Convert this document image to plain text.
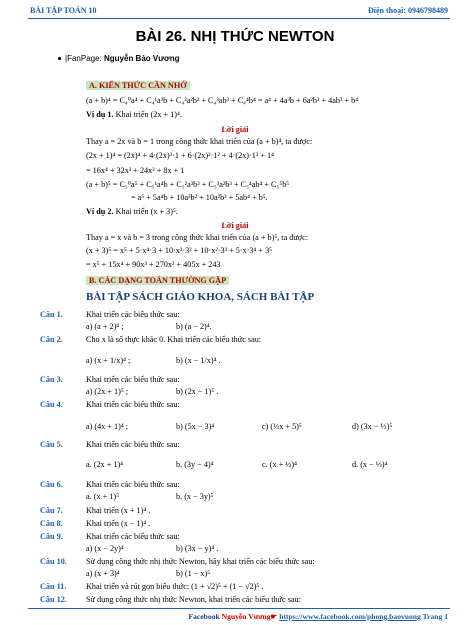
BÀI TẬP TOÁN 10	Điện thoại: 0946798489
BÀI 26. NHỊ THỨC NEWTON
|FanPage: Nguyễn Bảo Vương
A. KIẾN THỨC CẦN NHỚ
(a + b)⁴ = C₄⁰a⁴ + C₄¹a³b + C₄²a²b² + C₄³ab³ + C₄⁴b⁴ = a⁴ + 4a³b + 6a²b² + 4ab³ + b⁴
Ví dụ 1. Khai triển (2x + 1)⁴.
Lời giải
Thay a = 2x và b = 1 trong công thức khai triển của (a + b)⁴, ta được:
(2x + 1)⁴ = (2x)⁴ + 4·(2x)³·1 + 6·(2x)²·1² + 4·(2x)·1³ + 1⁴
= 16x⁴ + 32x³ + 24x² + 8x + 1
(a + b)⁵ = C₅⁰a⁵ + C₅¹a⁴b + C₅²a³b² + C₅³a²b³ + C₅⁴ab⁴ + C₅⁵b⁵
= a⁵ + 5a⁴b + 10a³b² + 10a²b³ + 5ab⁴ + b⁵.
Ví dụ 2. Khai triển (x + 3)⁵.
Lời giải
Thay a = x và b = 3 trong công thức khai triển của (a + b)⁵, ta được:
(x + 3)⁵ = x⁵ + 5·x⁴·3 + 10·x³·3² + 10·x²·3³ + 5·x·3⁴ + 3⁵
= x⁵ + 15x⁴ + 90x³ + 270x² + 405x + 243
B. CÁC DẠNG TOÁN THƯỜNG GẶP
BÀI TẬP SÁCH GIÁO KHOA, SÁCH BÀI TẬP
Câu 1.	Khai triển các biểu thức sau:
a) (a + 2)⁴ ;	b) (a − 2)⁴.
Câu 2.	Cho x là số thực khác 0. Khai triển các biểu thức sau:
a) (x + 1/x)⁴ ;	b) (x − 1/x)⁴ .
Câu 3.	Khai triển các biểu thức sau:
a) (2x + 1)⁵ ;	b) (2x − 1)⁵ .
Câu 4.	Khai triển các biểu thức sau:
a) (4x + 1)⁴ ;	b) (5x − 3)⁴	c) (⅓x + 5)⁵	d) (3x − ⅓)⁵
Câu 5.	Khai triển các biểu thức sau:
a. (2x + 1)⁴	b. (3y − 4)⁴	c. (x + ½)⁴	d. (x − ⅓)⁴
Câu 6.	Khai triển các biểu thức sau:
a. (x + 1)⁵	b. (x − 3y)⁵
Câu 7.	Khai triển (x + 1)⁴ .
Câu 8.	Khai triển (x − 1)⁴ .
Câu 9.	Khai triển các biểu thức sau:
a) (x − 2y)⁴	b) (3x − y)⁴ .
Câu 10. Sử dụng công thức nhị thức Newton, hãy khai triển các biểu thức sau:
a) (x + 3)⁴	b) (1 − x)⁵
Câu 11. Khai triển và rút gọn biểu thức: (1 + √2)⁵ + (1 − √2)⁵ .
Câu 12. Sử dụng công thức nhị thức Newton, khai triển các biểu thức sau:
Facebook Nguyễn Vương☛ https://www.facebook.com/phong.baovuong Trang 1
